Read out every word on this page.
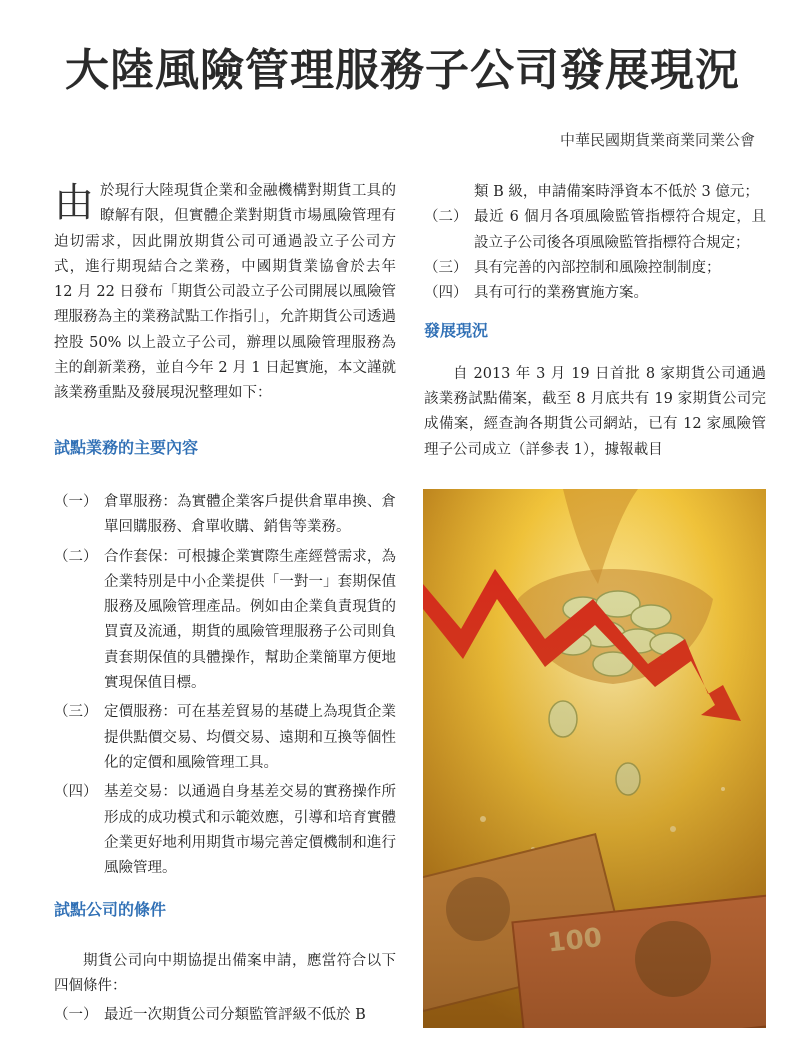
大陸風險管理服務子公司發展現況
中華民國期貨業商業同業公會

由於現行大陸現貨企業和金融機構對期貨工具的瞭解有限，但實體企業對期貨市場風險管理有迫切需求，因此開放期貨公司可通過設立子公司方式，進行期現結合之業務，中國期貨業協會於去年 12 月 22 日發布「期貨公司設立子公司開展以風險管理服務為主的業務試點工作指引」，允許期貨公司透過控股 50% 以上設立子公司，辦理以風險管理服務為主的創新業務，並自今年 2 月 1 日起實施，本文謹就該業務重點及發展現況整理如下：

試點業務的主要內容
（一） 倉單服務：為實體企業客戶提供倉單串換、倉單回購服務、倉單收購、銷售等業務。
（二） 合作套保：可根據企業實際生產經營需求，為企業特別是中小企業提供「一對一」套期保值服務及風險管理產品。例如由企業負責現貨的買賣及流通，期貨的風險管理服務子公司則負責套期保值的具體操作，幫助企業簡單方便地實現保值目標。
（三） 定價服務：可在基差貿易的基礎上為現貨企業提供點價交易、均價交易、遠期和互換等個性化的定價和風險管理工具。
（四） 基差交易：以通過自身基差交易的實務操作所形成的成功模式和示範效應，引導和培育實體企業更好地利用期貨市場完善定價機制和進行風險管理。
試點公司的條件

期貨公司向中期協提出備案申請，應當符合以下四個條件：

（一） 最近一次期貨公司分類監管評級不低於 B
類 B 級，申請備案時淨資本不低於 3 億元；
（二） 最近 6 個月各項風險監管指標符合規定，且設立子公司後各項風險監管指標符合規定；
（三） 具有完善的內部控制和風險控制制度；
（四） 具有可行的業務實施方案。
發展現況

自 2013 年 3 月 19 日首批 8 家期貨公司通過該業務試點備案，截至 8 月底共有 19 家期貨公司完成備案，經查詢各期貨公司網站，已有 12 家風險管理子公司成立（詳參表 1），據報載目
